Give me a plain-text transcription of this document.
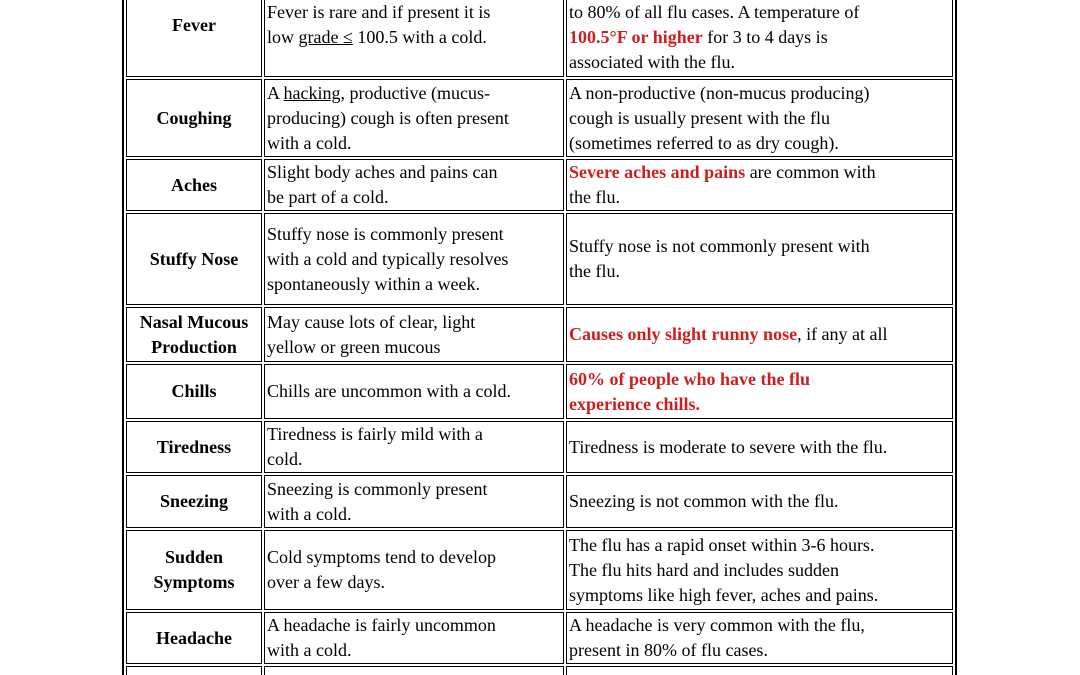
Fever	Fever is rare and if present it is
low grade ≤ 100.5 with a cold.	to 80% of all flu cases. A temperature of
100.5°F or higher for 3 to 4 days is
associated with the flu.
Coughing	A hacking, productive (mucus-
producing) cough is often present
with a cold.	A non-productive (non-mucus producing)
cough is usually present with the flu
(sometimes referred to as dry cough).
Aches	Slight body aches and pains can
be part of a cold.	Severe aches and pains are common with
the flu.
Stuffy Nose	Stuffy nose is commonly present
with a cold and typically resolves
spontaneously within a week.	Stuffy nose is not commonly present with
the flu.
Nasal Mucous
Production	May cause lots of clear, light
yellow or green mucous	Causes only slight runny nose, if any at all
Chills	Chills are uncommon with a cold.	60% of people who have the flu
experience chills.
Tiredness	Tiredness is fairly mild with a
cold.	Tiredness is moderate to severe with the flu.
Sneezing	Sneezing is commonly present
with a cold.	Sneezing is not common with the flu.
Sudden
Symptoms	Cold symptoms tend to develop
over a few days.	The flu has a rapid onset within 3-6 hours.
The flu hits hard and includes sudden
symptoms like high fever, aches and pains.
Headache	A headache is fairly uncommon
with a cold.	A headache is very common with the flu,
present in 80% of flu cases.
